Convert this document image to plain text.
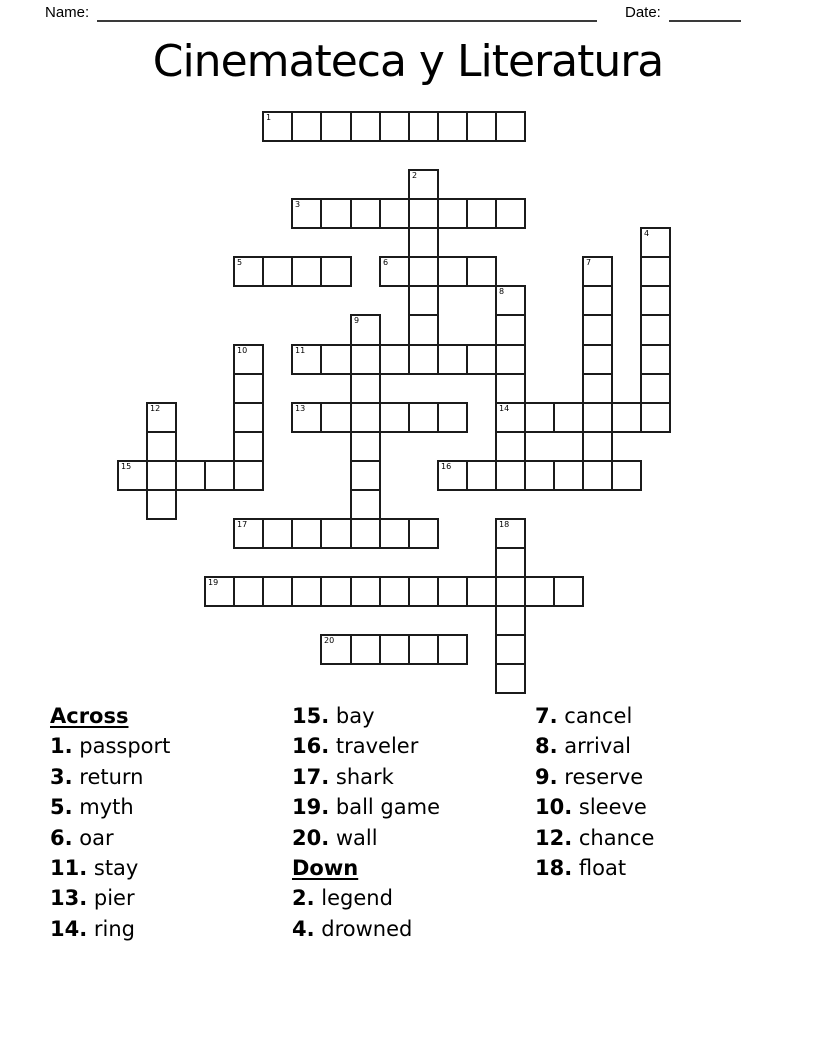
Name:	Date:
Cinemateca y Literatura
1
2
3
4
5	6	7
8
14
9
10	11
12	13
15	16
17	18
19
20
Across
1. passport
3. return
5. myth
6. oar
11. stay
13. pier
14. ring
15. bay
16. traveler
17. shark
19. ball game
20. wall
Down
2. legend
4. drowned
7. cancel
8. arrival
9. reserve
10. sleeve
12. chance
18. float
